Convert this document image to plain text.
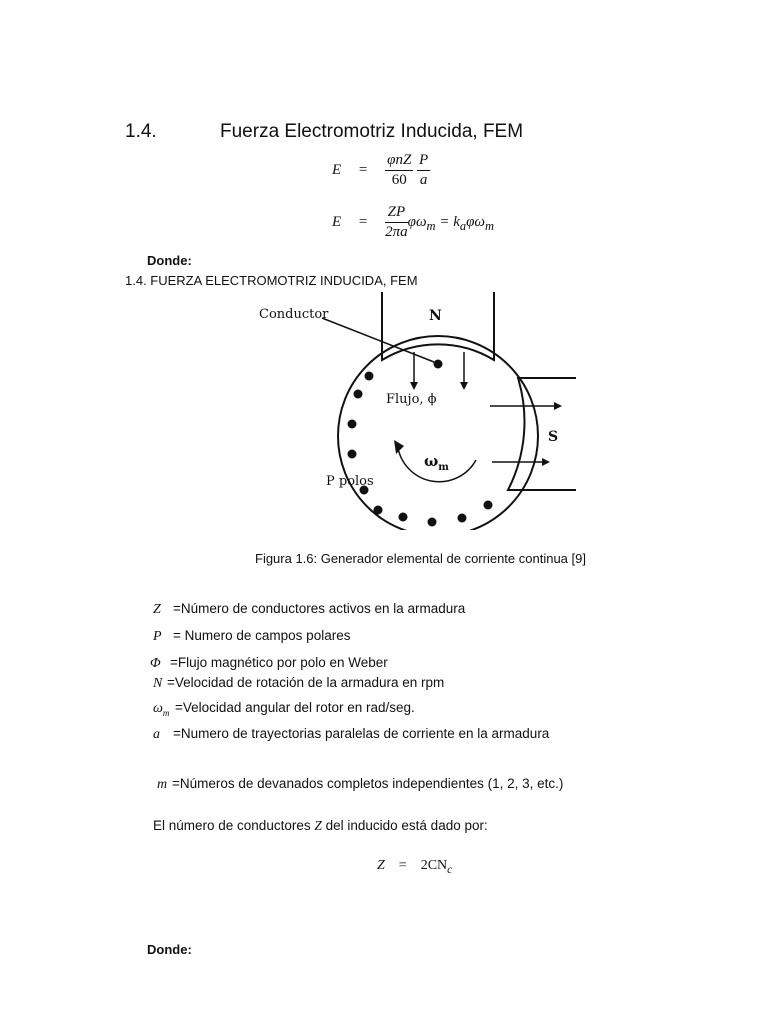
1.4.	Fuerza Electromotriz Inducida, FEM
$E = \frac{\text{φnZ}}{60}$
$\frac{P}{a}$
$E = \frac{ZP}{2\pi a} \varphi\omega_m = k_a\varphi\omega_m$
Donde:
1.4. FUERZA ELECTROMOTRIZ INDUCIDA, FEM
Conductor	N
Flujo, ϕ
S
$\omega_m$
P polos
Figura 1.6: Generador elemental de corriente continua [9]
Z =Número de conductores activos en la armadura
P = Numero de campos polares
Φ =Flujo magnético por polo en Weber
N =Velocidad de rotación de la armadura en rpm
$\omega_m$ =Velocidad angular del rotor en rad/seg.
a =Numero de trayectorias paralelas de corriente en la armadura
m =Números de devanados completos independientes (1, 2, 3, etc.)
El número de conductores Z del inducido está dado por:
$Z = 2CN_c$
Donde:
